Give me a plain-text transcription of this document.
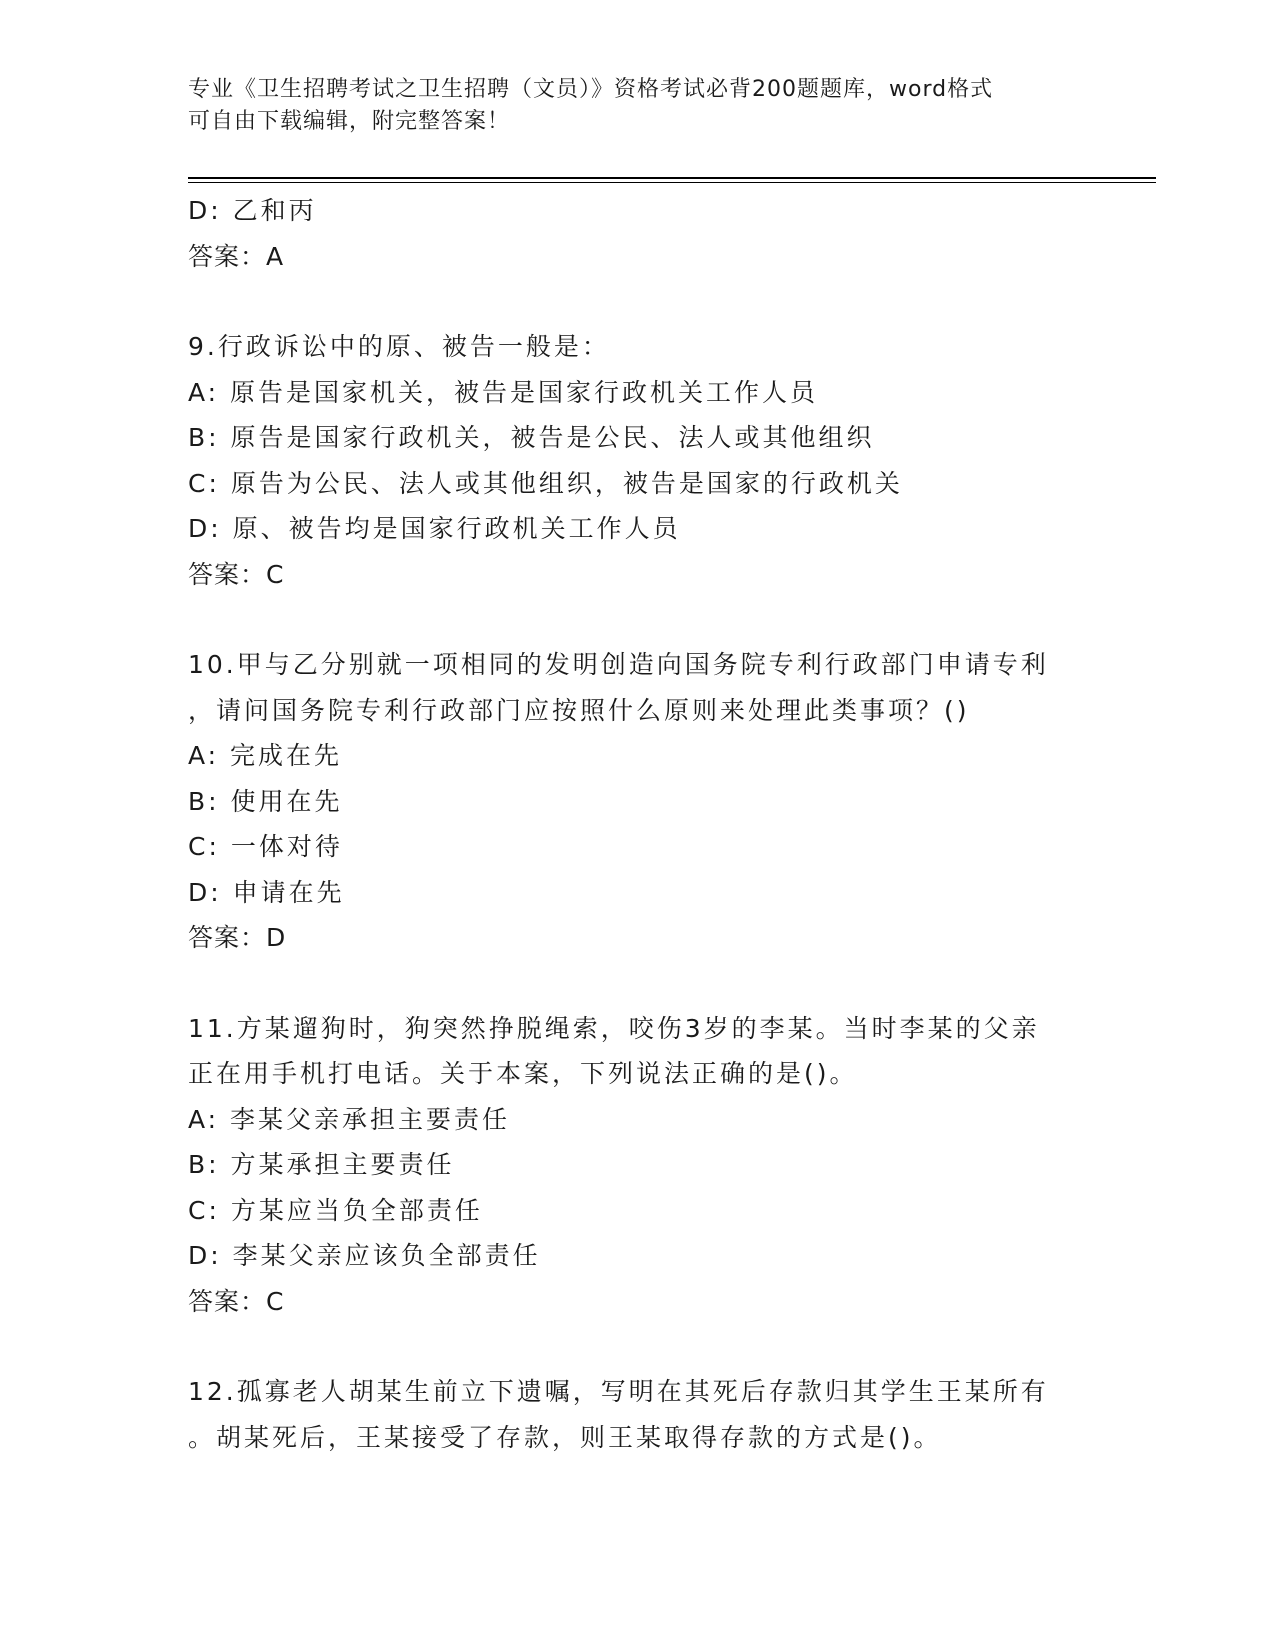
专业《卫生招聘考试之卫生招聘（文员）》资格考试必背200题题库，word格式
可自由下载编辑，附完整答案！
D: 乙和丙
答案：A
9.行政诉讼中的原、被告一般是：
A: 原告是国家机关，被告是国家行政机关工作人员
B: 原告是国家行政机关，被告是公民、法人或其他组织
C: 原告为公民、法人或其他组织，被告是国家的行政机关
D: 原、被告均是国家行政机关工作人员
答案：C
10.甲与乙分别就一项相同的发明创造向国务院专利行政部门申请专利
，请问国务院专利行政部门应按照什么原则来处理此类事项？()
A: 完成在先
B: 使用在先
C: 一体对待
D: 申请在先
答案：D
11.方某遛狗时，狗突然挣脱绳索，咬伤3岁的李某。当时李某的父亲
正在用手机打电话。关于本案，下列说法正确的是()。
A: 李某父亲承担主要责任
B: 方某承担主要责任
C: 方某应当负全部责任
D: 李某父亲应该负全部责任
答案：C
12.孤寡老人胡某生前立下遗嘱，写明在其死后存款归其学生王某所有
。胡某死后，王某接受了存款，则王某取得存款的方式是()。
